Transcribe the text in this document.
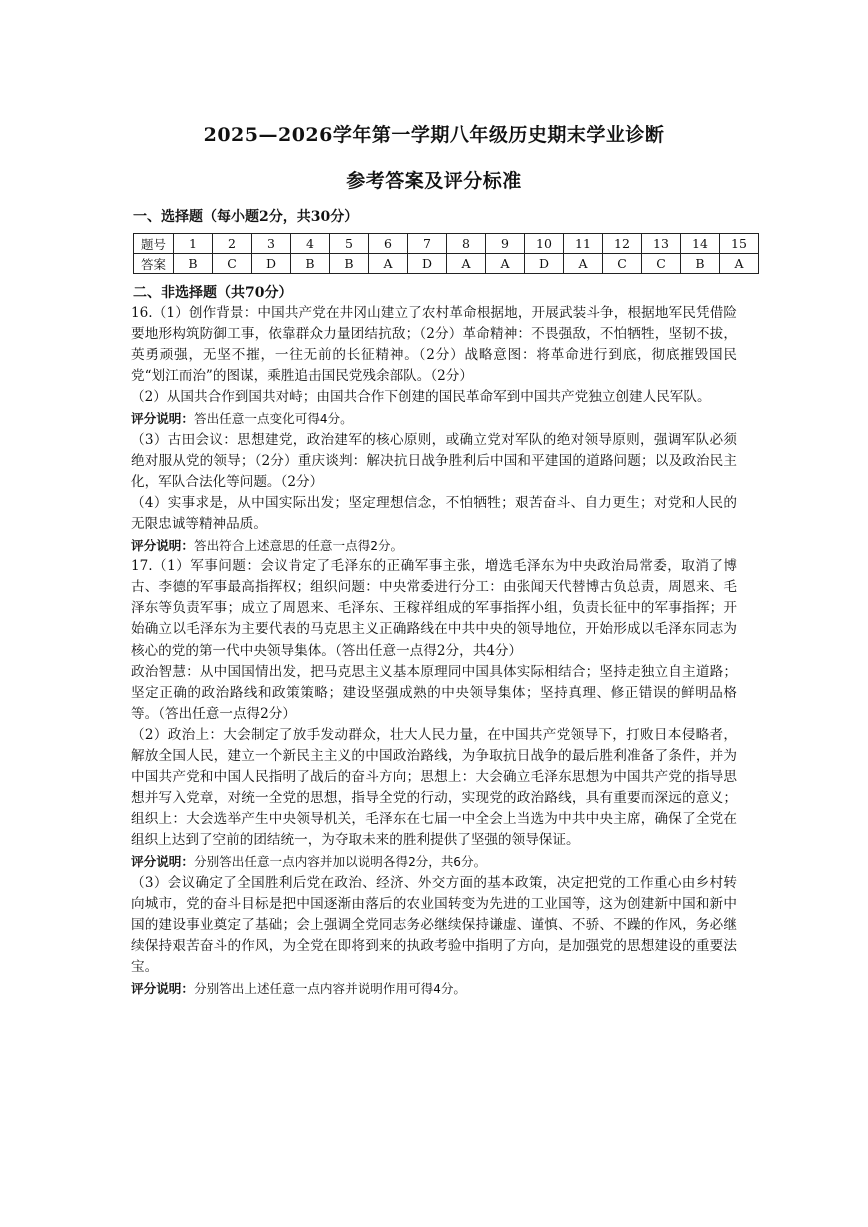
2025—2026学年第一学期八年级历史期末学业诊断
参考答案及评分标准
一、选择题（每小题2分，共30分）
题号	1	2	3	4	5	6	7	8	9	10	11	12	13	14	15
答案	B	C	D	B	B	A	D	A	A	D	A	C	C	B	A
二、非选择题（共70分）

16.（1）创作背景：中国共产党在井冈山建立了农村革命根据地，开展武装斗争，根据地军民凭借险要地形构筑防御工事，依靠群众力量团结抗敌；（2分）革命精神：不畏强敌，不怕牺牲，坚韧不拔，英勇顽强，无坚不摧，一往无前的长征精神。（2分）战略意图：将革命进行到底，彻底摧毁国民党“划江而治”的图谋，乘胜追击国民党残余部队。（2分）

（2）从国共合作到国共对峙；由国共合作下创建的国民革命军到中国共产党独立创建人民军队。

评分说明：答出任意一点变化可得4分。

（3）古田会议：思想建党，政治建军的核心原则，或确立党对军队的绝对领导原则，强调军队必须绝对服从党的领导；（2分）重庆谈判：解决抗日战争胜利后中国和平建国的道路问题；以及政治民主化，军队合法化等问题。（2分）

（4）实事求是，从中国实际出发；坚定理想信念，不怕牺牲；艰苦奋斗、自力更生；对党和人民的无限忠诚等精神品质。

评分说明：答出符合上述意思的任意一点得2分。

17.（1）军事问题：会议肯定了毛泽东的正确军事主张，增选毛泽东为中央政治局常委，取消了博古、李德的军事最高指挥权；组织问题：中央常委进行分工：由张闻天代替博古负总责，周恩来、毛泽东等负责军事；成立了周恩来、毛泽东、王稼祥组成的军事指挥小组，负责长征中的军事指挥；开始确立以毛泽东为主要代表的马克思主义正确路线在中共中央的领导地位，开始形成以毛泽东同志为核心的党的第一代中央领导集体。（答出任意一点得2分，共4分）

政治智慧：从中国国情出发，把马克思主义基本原理同中国具体实际相结合；坚持走独立自主道路；坚定正确的政治路线和政策策略；建设坚强成熟的中央领导集体；坚持真理、修正错误的鲜明品格等。（答出任意一点得2分）

（2）政治上：大会制定了放手发动群众，壮大人民力量，在中国共产党领导下，打败日本侵略者，解放全国人民，建立一个新民主主义的中国政治路线，为争取抗日战争的最后胜利准备了条件，并为中国共产党和中国人民指明了战后的奋斗方向；思想上：大会确立毛泽东思想为中国共产党的指导思想并写入党章，对统一全党的思想，指导全党的行动，实现党的政治路线，具有重要而深远的意义；组织上：大会选举产生中央领导机关，毛泽东在七届一中全会上当选为中共中央主席，确保了全党在组织上达到了空前的团结统一，为夺取未来的胜利提供了坚强的领导保证。

评分说明：分别答出任意一点内容并加以说明各得2分，共6分。

（3）会议确定了全国胜利后党在政治、经济、外交方面的基本政策，决定把党的工作重心由乡村转向城市，党的奋斗目标是把中国逐渐由落后的农业国转变为先进的工业国等，这为创建新中国和新中国的建设事业奠定了基础；会上强调全党同志务必继续保持谦虚、谨慎、不骄、不躁的作风，务必继续保持艰苦奋斗的作风，为全党在即将到来的执政考验中指明了方向，是加强党的思想建设的重要法宝。

评分说明：分别答出上述任意一点内容并说明作用可得4分。
